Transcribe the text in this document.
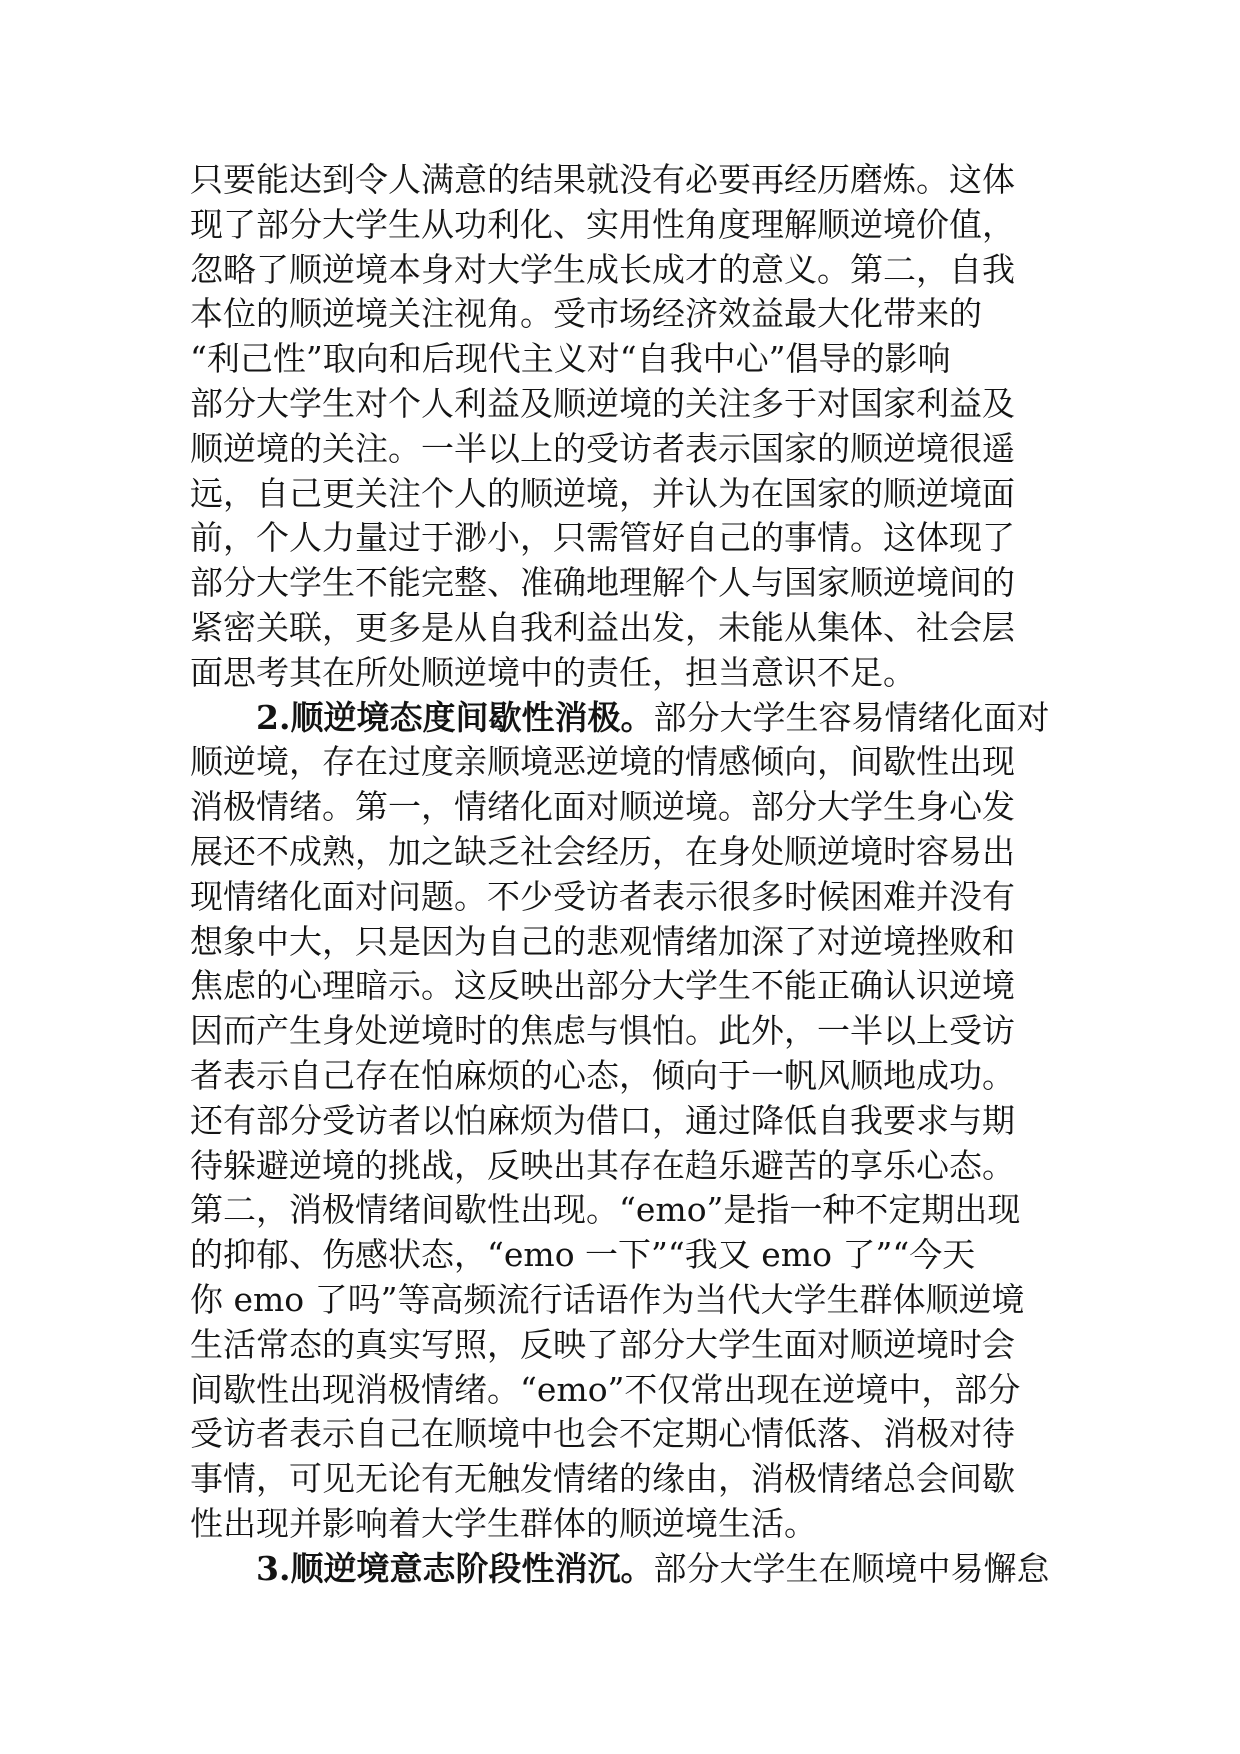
只要能达到令人满意的结果就没有必要再经历磨炼。这体
现了部分大学生从功利化、实用性角度理解顺逆境价值，
忽略了顺逆境本身对大学生成长成才的意义。第二，自我
本位的顺逆境关注视角。受市场经济效益最大化带来的
“利己性”取向和后现代主义对“自我中心”倡导的影响
部分大学生对个人利益及顺逆境的关注多于对国家利益及
顺逆境的关注。一半以上的受访者表示国家的顺逆境很遥
远，自己更关注个人的顺逆境，并认为在国家的顺逆境面
前，个人力量过于渺小，只需管好自己的事情。这体现了
部分大学生不能完整、准确地理解个人与国家顺逆境间的
紧密关联，更多是从自我利益出发，未能从集体、社会层
面思考其在所处顺逆境中的责任，担当意识不足。
2.顺逆境态度间歇性消极。部分大学生容易情绪化面对
顺逆境，存在过度亲顺境恶逆境的情感倾向，间歇性出现
消极情绪。第一，情绪化面对顺逆境。部分大学生身心发
展还不成熟，加之缺乏社会经历，在身处顺逆境时容易出
现情绪化面对问题。不少受访者表示很多时候困难并没有
想象中大，只是因为自己的悲观情绪加深了对逆境挫败和
焦虑的心理暗示。这反映出部分大学生不能正确认识逆境
因而产生身处逆境时的焦虑与惧怕。此外，一半以上受访
者表示自己存在怕麻烦的心态，倾向于一帆风顺地成功。
还有部分受访者以怕麻烦为借口，通过降低自我要求与期
待躲避逆境的挑战，反映出其存在趋乐避苦的享乐心态。
第二，消极情绪间歇性出现。“emo”是指一种不定期出现
的抑郁、伤感状态，“emo 一下”“我又 emo 了”“今天
你 emo 了吗”等高频流行话语作为当代大学生群体顺逆境
生活常态的真实写照，反映了部分大学生面对顺逆境时会
间歇性出现消极情绪。“emo”不仅常出现在逆境中，部分
受访者表示自己在顺境中也会不定期心情低落、消极对待
事情，可见无论有无触发情绪的缘由，消极情绪总会间歇
性出现并影响着大学生群体的顺逆境生活。
3.顺逆境意志阶段性消沉。部分大学生在顺境中易懈怠
